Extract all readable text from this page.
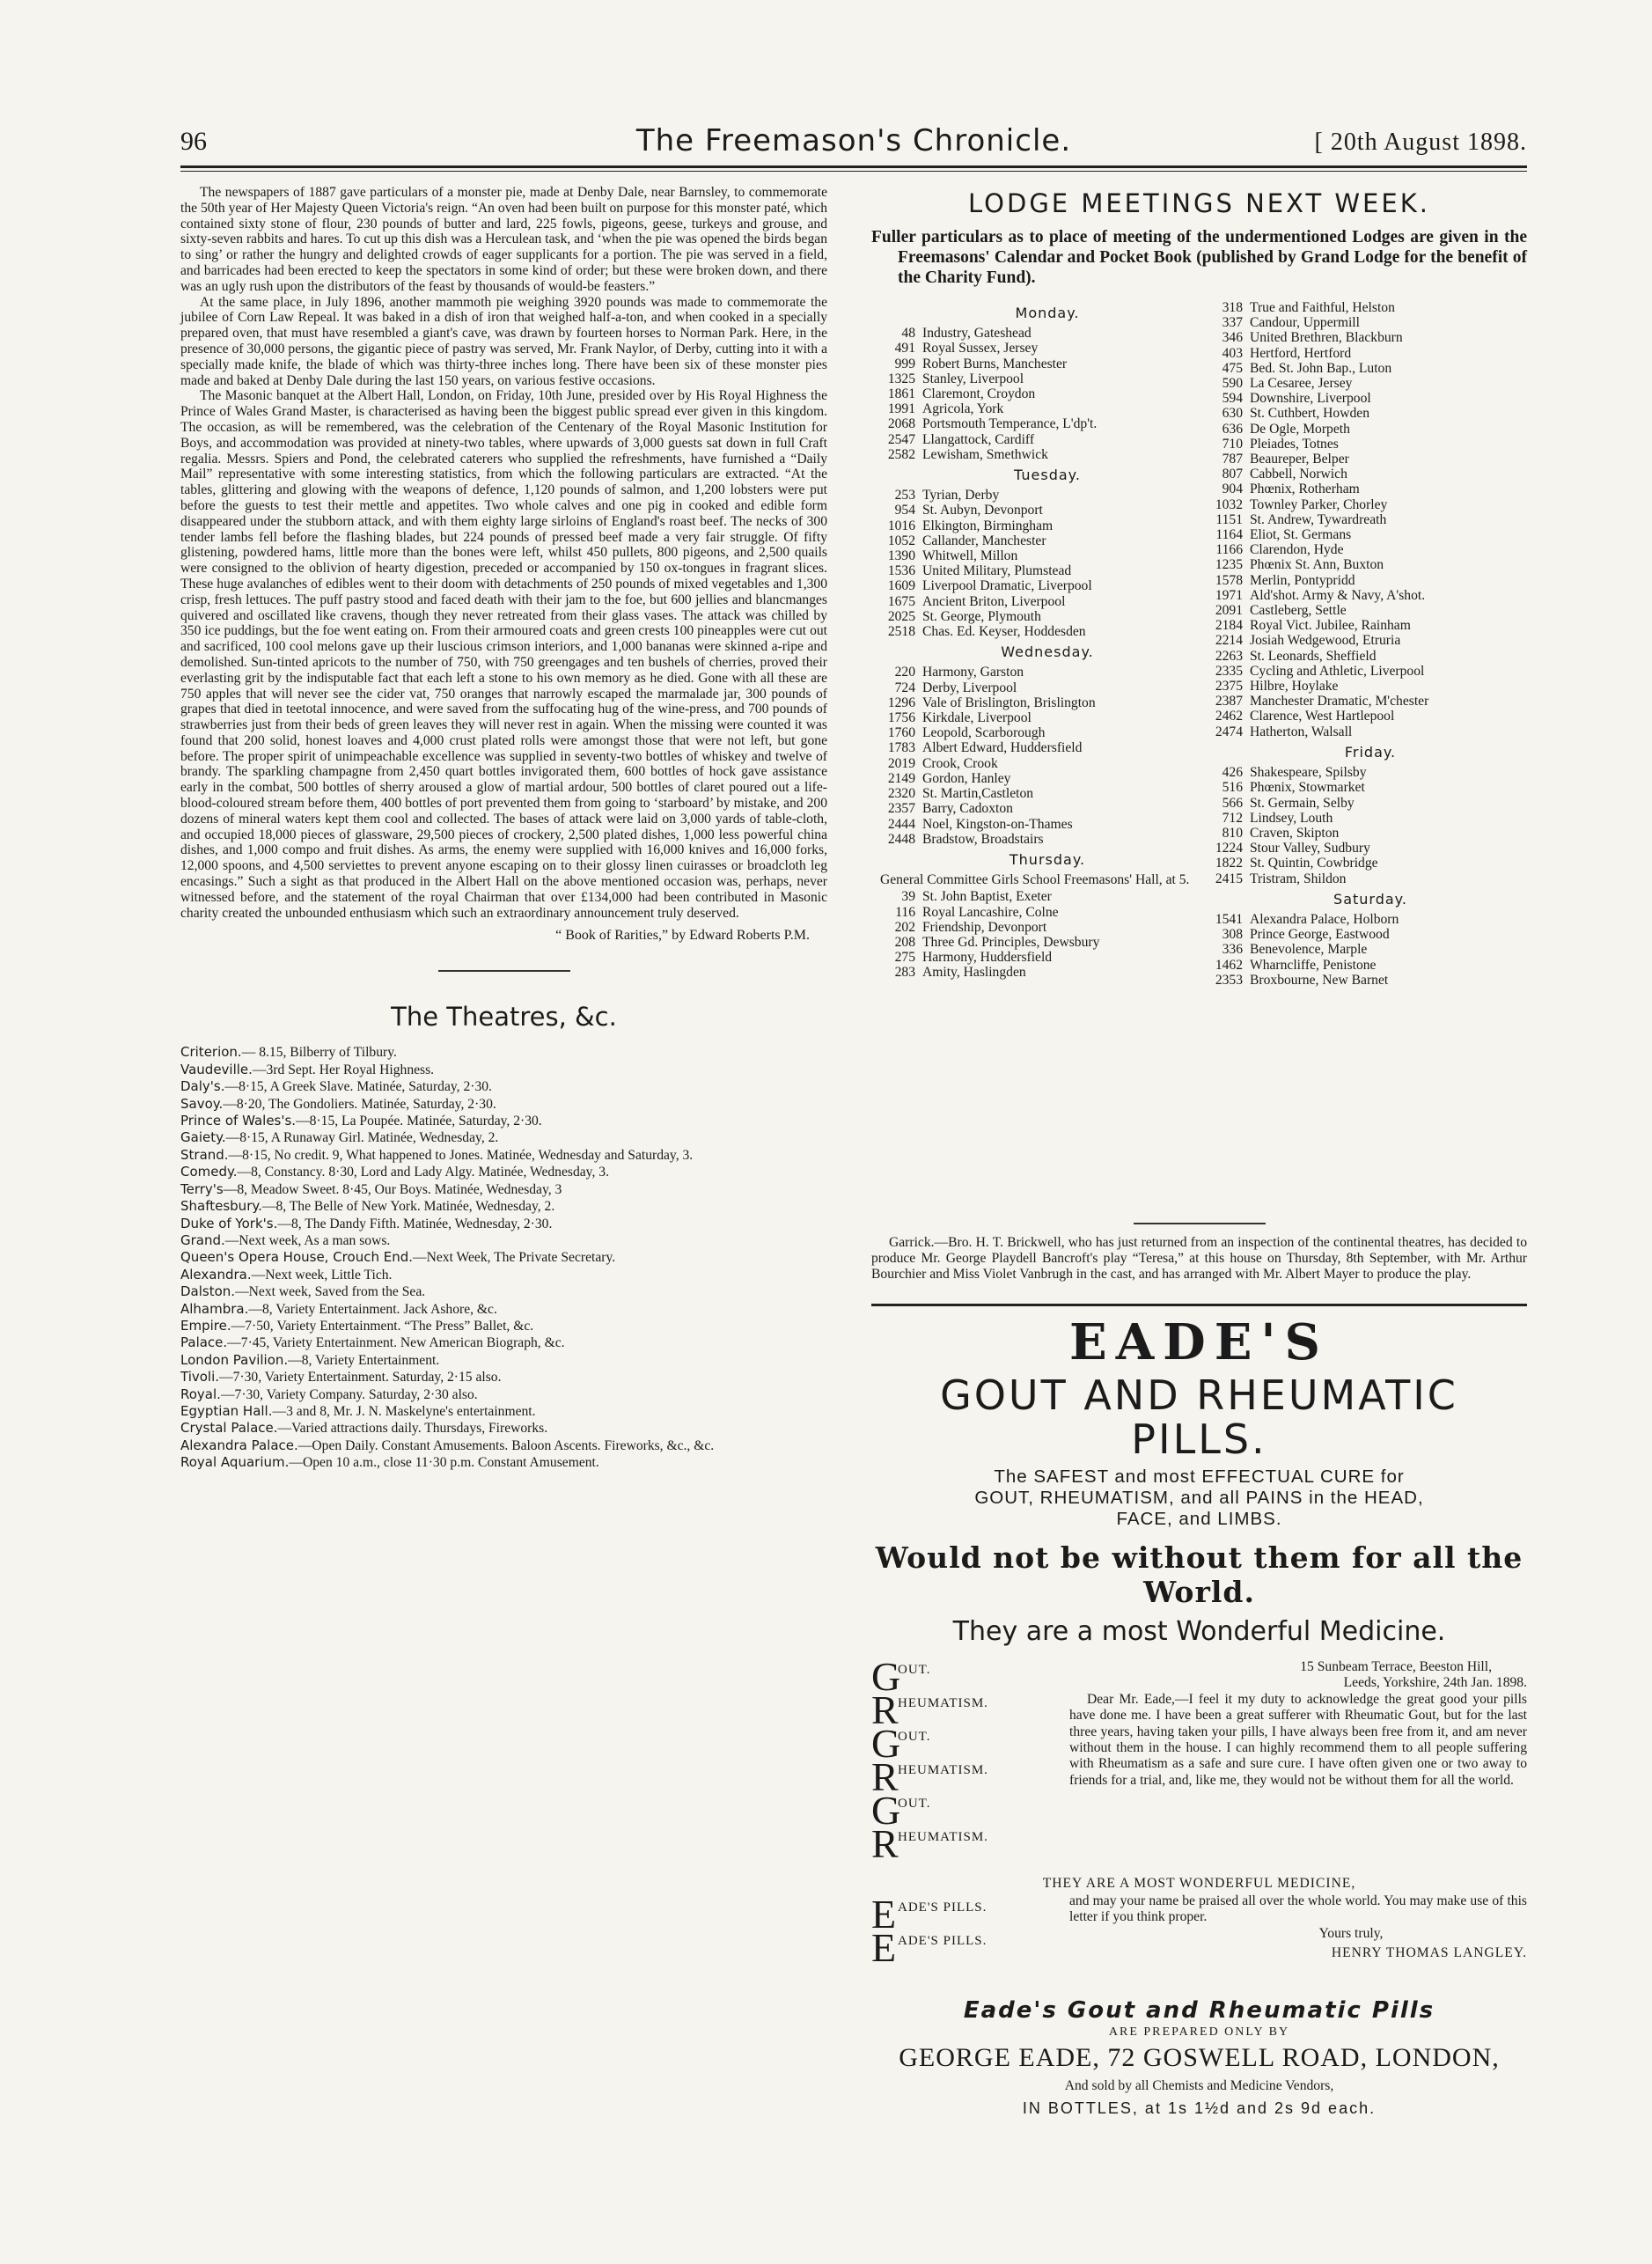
96	The Freemason's Chronicle.	[ 20th August 1898.

The newspapers of 1887 gave particulars of a monster pie, made at Denby Dale, near Barnsley, to commemorate the 50th year of Her Majesty Queen Victoria's reign. “An oven had been built on purpose for this monster paté, which contained sixty stone of flour, 230 pounds of butter and lard, 225 fowls, pigeons, geese, turkeys and grouse, and sixty-seven rabbits and hares. To cut up this dish was a Herculean task, and ‘when the pie was opened the birds began to sing’ or rather the hungry and delighted crowds of eager supplicants for a portion. The pie was served in a field, and barricades had been erected to keep the spectators in some kind of order; but these were broken down, and there was an ugly rush upon the distributors of the feast by thousands of would-be feasters.”

At the same place, in July 1896, another mammoth pie weighing 3920 pounds was made to commemorate the jubilee of Corn Law Repeal. It was baked in a dish of iron that weighed half-a-ton, and when cooked in a specially prepared oven, that must have resembled a giant's cave, was drawn by fourteen horses to Norman Park. Here, in the presence of 30,000 persons, the gigantic piece of pastry was served, Mr. Frank Naylor, of Derby, cutting into it with a specially made knife, the blade of which was thirty-three inches long. There have been six of these monster pies made and baked at Denby Dale during the last 150 years, on various festive occasions.

The Masonic banquet at the Albert Hall, London, on Friday, 10th June, presided over by His Royal Highness the Prince of Wales Grand Master, is characterised as having been the biggest public spread ever given in this kingdom. The occasion, as will be remembered, was the celebration of the Centenary of the Royal Masonic Institution for Boys, and accommodation was provided at ninety-two tables, where upwards of 3,000 guests sat down in full Craft regalia. Messrs. Spiers and Pond, the celebrated caterers who supplied the refreshments, have furnished a “Daily Mail” representative with some interesting statistics, from which the following particulars are extracted. “At the tables, glittering and glowing with the weapons of defence, 1,120 pounds of salmon, and 1,200 lobsters were put before the guests to test their mettle and appetites. Two whole calves and one pig in cooked and edible form disappeared under the stubborn attack, and with them eighty large sirloins of England's roast beef. The necks of 300 tender lambs fell before the flashing blades, but 224 pounds of pressed beef made a very fair struggle. Of fifty glistening, powdered hams, little more than the bones were left, whilst 450 pullets, 800 pigeons, and 2,500 quails were consigned to the oblivion of hearty digestion, preceded or accompanied by 150 ox-tongues in fragrant slices. These huge avalanches of edibles went to their doom with detachments of 250 pounds of mixed vegetables and 1,300 crisp, fresh lettuces. The puff pastry stood and faced death with their jam to the foe, but 600 jellies and blancmanges quivered and oscillated like cravens, though they never retreated from their glass vases. The attack was chilled by 350 ice puddings, but the foe went eating on. From their armoured coats and green crests 100 pineapples were cut out and sacrificed, 100 cool melons gave up their luscious crimson interiors, and 1,000 bananas were skinned a-ripe and demolished. Sun-tinted apricots to the number of 750, with 750 greengages and ten bushels of cherries, proved their everlasting grit by the indisputable fact that each left a stone to his own memory as he died. Gone with all these are 750 apples that will never see the cider vat, 750 oranges that narrowly escaped the marmalade jar, 300 pounds of grapes that died in teetotal innocence, and were saved from the suffocating hug of the wine-press, and 700 pounds of strawberries just from their beds of green leaves they will never rest in again. When the missing were counted it was found that 200 solid, honest loaves and 4,000 crust plated rolls were amongst those that were not left, but gone before. The proper spirit of unimpeachable excellence was supplied in seventy-two bottles of whiskey and twelve of brandy. The sparkling champagne from 2,450 quart bottles invigorated them, 600 bottles of hock gave assistance early in the combat, 500 bottles of sherry aroused a glow of martial ardour, 500 bottles of claret poured out a life-blood-coloured stream before them, 400 bottles of port prevented them from going to ‘starboard’ by mistake, and 200 dozens of mineral waters kept them cool and collected. The bases of attack were laid on 3,000 yards of table-cloth, and occupied 18,000 pieces of glassware, 29,500 pieces of crockery, 2,500 plated dishes, 1,000 less powerful china dishes, and 1,000 compo and fruit dishes. As arms, the enemy were supplied with 16,000 knives and 16,000 forks, 12,000 spoons, and 4,500 serviettes to prevent anyone escaping on to their glossy linen cuirasses or broadcloth leg encasings.” Such a sight as that produced in the Albert Hall on the above mentioned occasion was, perhaps, never witnessed before, and the statement of the royal Chairman that over £134,000 had been contributed in Masonic charity created the unbounded enthusiasm which such an extraordinary announcement truly deserved.

“ Book of Rarities,” by Edward Roberts P.M.
The Theatres, &c.
Criterion.— 8.15, Bilberry of Tilbury.
Vaudeville.—3rd Sept. Her Royal Highness.
Daly's.—8·15, A Greek Slave. Matinée, Saturday, 2·30.
Savoy.—8·20, The Gondoliers. Matinée, Saturday, 2·30.
Prince of Wales's.—8·15, La Poupée. Matinée, Saturday, 2·30.
Gaiety.—8·15, A Runaway Girl. Matinée, Wednesday, 2.
Strand.—8·15, No credit. 9, What happened to Jones. Matinée, Wednesday and Saturday, 3.
Comedy.—8, Constancy. 8·30, Lord and Lady Algy. Matinée, Wednesday, 3.
Terry's—8, Meadow Sweet. 8·45, Our Boys. Matinée, Wednesday, 3
Shaftesbury.—8, The Belle of New York. Matinée, Wednesday, 2.
Duke of York's.—8, The Dandy Fifth. Matinée, Wednesday, 2·30.
Grand.—Next week, As a man sows.
Queen's Opera House, Crouch End.—Next Week, The Private Secretary.
Alexandra.—Next week, Little Tich.
Dalston.—Next week, Saved from the Sea.
Alhambra.—8, Variety Entertainment. Jack Ashore, &c.
Empire.—7·50, Variety Entertainment. “The Press” Ballet, &c.
Palace.—7·45, Variety Entertainment. New American Biograph, &c.
London Pavilion.—8, Variety Entertainment.
Tivoli.—7·30, Variety Entertainment. Saturday, 2·15 also.
Royal.—7·30, Variety Company. Saturday, 2·30 also.
Egyptian Hall.—3 and 8, Mr. J. N. Maskelyne's entertainment.
Crystal Palace.—Varied attractions daily. Thursdays, Fireworks.
Alexandra Palace.—Open Daily. Constant Amusements. Baloon Ascents. Fireworks, &c., &c.
Royal Aquarium.—Open 10 a.m., close 11·30 p.m. Constant Amusement.
LODGE MEETINGS NEXT WEEK.

Fuller particulars as to place of meeting of the undermentioned Lodges are given in the Freemasons' Calendar and Pocket Book (published by Grand Lodge for the benefit of the Charity Fund).

Monday.
48 Industry, Gateshead
491 Royal Sussex, Jersey
999 Robert Burns, Manchester
1325 Stanley, Liverpool
1861 Claremont, Croydon
1991 Agricola, York
2068 Portsmouth Temperance, L'dp't.
2547 Llangattock, Cardiff
2582 Lewisham, Smethwick
Tuesday.
253 Tyrian, Derby
954 St. Aubyn, Devonport
1016 Elkington, Birmingham
1052 Callander, Manchester
1390 Whitwell, Millon
1536 United Military, Plumstead
1609 Liverpool Dramatic, Liverpool
1675 Ancient Briton, Liverpool
2025 St. George, Plymouth
2518 Chas. Ed. Keyser, Hoddesden
Wednesday.
220 Harmony, Garston
724 Derby, Liverpool
1296 Vale of Brislington, Brislington
1756 Kirkdale, Liverpool
1760 Leopold, Scarborough
1783 Albert Edward, Huddersfield
2019 Crook, Crook
2149 Gordon, Hanley
2320 St. Martin,Castleton
2357 Barry, Cadoxton
2444 Noel, Kingston-on-Thames
2448 Bradstow, Broadstairs
Thursday.
General Committee Girls School Freemasons' Hall, at 5.
39 St. John Baptist, Exeter
116 Royal Lancashire, Colne
202 Friendship, Devonport
208 Three Gd. Principles, Dewsbury
275 Harmony, Huddersfield
283 Amity, Haslingden
318 True and Faithful, Helston
337 Candour, Uppermill
346 United Brethren, Blackburn
403 Hertford, Hertford
475 Bed. St. John Bap., Luton
590 La Cesaree, Jersey
594 Downshire, Liverpool
630 St. Cuthbert, Howden
636 De Ogle, Morpeth
710 Pleiades, Totnes
787 Beaureper, Belper
807 Cabbell, Norwich
904 Phœnix, Rotherham
1032 Townley Parker, Chorley
1151 St. Andrew, Tywardreath
1164 Eliot, St. Germans
1166 Clarendon, Hyde
1235 Phœnix St. Ann, Buxton
1578 Merlin, Pontypridd
1971 Ald'shot. Army & Navy, A'shot.
2091 Castleberg, Settle
2184 Royal Vict. Jubilee, Rainham
2214 Josiah Wedgewood, Etruria
2263 St. Leonards, Sheffield
2335 Cycling and Athletic, Liverpool
2375 Hilbre, Hoylake
2387 Manchester Dramatic, M'chester
2462 Clarence, West Hartlepool
2474 Hatherton, Walsall
Friday.
426 Shakespeare, Spilsby
516 Phœnix, Stowmarket
566 St. Germain, Selby
712 Lindsey, Louth
810 Craven, Skipton
1224 Stour Valley, Sudbury
1822 St. Quintin, Cowbridge
2415 Tristram, Shildon
Saturday.
1541 Alexandra Palace, Holborn
308 Prince George, Eastwood
336 Benevolence, Marple
1462 Wharncliffe, Penistone
2353 Broxbourne, New Barnet

Garrick.—Bro. H. T. Brickwell, who has just returned from an inspection of the continental theatres, has decided to produce Mr. George Playdell Bancroft's play “Teresa,” at this house on Thursday, 8th September, with Mr. Arthur Bourchier and Miss Violet Vanbrugh in the cast, and has arranged with Mr. Albert Mayer to produce the play.

EADE'S
GOUT AND RHEUMATIC PILLS.
The SAFEST and most EFFECTUAL CURE for
GOUT, RHEUMATISM, and all PAINS in the HEAD,
FACE, and LIMBS.
Would not be without them for all the World.
They are a most Wonderful Medicine.
G
OUT.
R HEUMATISM.
G
OUT.
R HEUMATISM.
G
OUT.
R HEUMATISM.
15 Sunbeam Terrace, Beeston Hill,
Leeds, Yorkshire, 24th Jan. 1898.
Dear Mr. Eade,—I feel it my duty to acknowledge the great good your pills have done me. I have been a great sufferer with Rheumatic Gout, but for the last three years, having taken your pills, I have always been free from it, and am never without them in the house. I can highly recommend them to all people suffering with Rheumatism as a safe and sure cure. I have often given one or two away to friends for a trial, and, like me, they would not be without them for all the world.
THEY ARE A MOST WONDERFUL MEDICINE,
E ADE'S PILLS.
E ADE'S PILLS.
and may your name be praised all over the whole world. You may make use of this letter if you think proper.
Yours truly,
HENRY THOMAS LANGLEY.
Eade's Gout and Rheumatic Pills
ARE PREPARED ONLY BY
GEORGE EADE, 72 GOSWELL ROAD, LONDON,
And sold by all Chemists and Medicine Vendors,
IN BOTTLES, at 1s 1½d and 2s 9d each.
